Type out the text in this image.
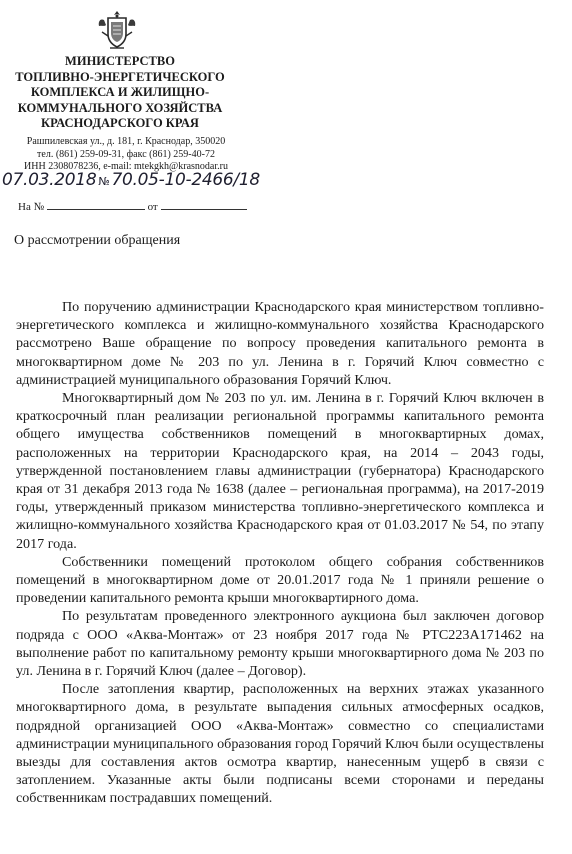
МИНИСТЕРСТВО
ТОПЛИВНО-ЭНЕРГЕТИЧЕСКОГО
КОМПЛЕКСА И ЖИЛИЩНО-
КОММУНАЛЬНОГО ХОЗЯЙСТВА
КРАСНОДАРСКОГО КРАЯ
Рашпилевская ул., д. 181, г. Краснодар, 350020
тел. (861) 259-09-31, факс (861) 259-40-72
ИНН 2308078236, e-mail: mtekgkh@krasnodar.ru
07.03.2018 № 70.05-10-2466/18
На №	от
О рассмотрении обращения

По поручению администрации Краснодарского края министерством топливно-энергетического комплекса и жилищно-коммунального хозяйства Краснодарского рассмотрено Ваше обращение по вопросу проведения капитального ремонта в многоквартирном доме № 203 по ул. Ленина в г. Горячий Ключ совместно с администрацией муниципального образования Горячий Ключ.

Многоквартирный дом № 203 по ул. им. Ленина в г. Горячий Ключ включен в краткосрочный план реализации региональной программы капитального ремонта общего имущества собственников помещений в многоквартирных домах, расположенных на территории Краснодарского края, на 2014 – 2043 годы, утвержденной постановлением главы администрации (губернатора) Краснодарского края от 31 декабря 2013 года № 1638 (далее – региональная программа), на 2017-2019 годы, утвержденный приказом министерства топливно-энергетического комплекса и жилищно-коммунального хозяйства Краснодарского края от 01.03.2017 № 54, по этапу 2017 года.

Собственники помещений протоколом общего собрания собственников помещений в многоквартирном доме от 20.01.2017 года № 1 приняли решение о проведении капитального ремонта крыши многоквартирного дома.

По результатам проведенного электронного аукциона был заключен договор подряда с ООО «Аква-Монтаж» от 23 ноября 2017 года № РТС223А171462 на выполнение работ по капитальному ремонту крыши многоквартирного дома № 203 по ул. Ленина в г. Горячий Ключ (далее – Договор).

После затопления квартир, расположенных на верхних этажах указанного многоквартирного дома, в результате выпадения сильных атмосферных осадков, подрядной организацией ООО «Аква-Монтаж» совместно со специалистами администрации муниципального образования город Горячий Ключ были осуществлены выезды для составления актов осмотра квартир, нанесенным ущерб в связи с затоплением. Указанные акты были подписаны всеми сторонами и переданы собственникам пострадавших помещений.
